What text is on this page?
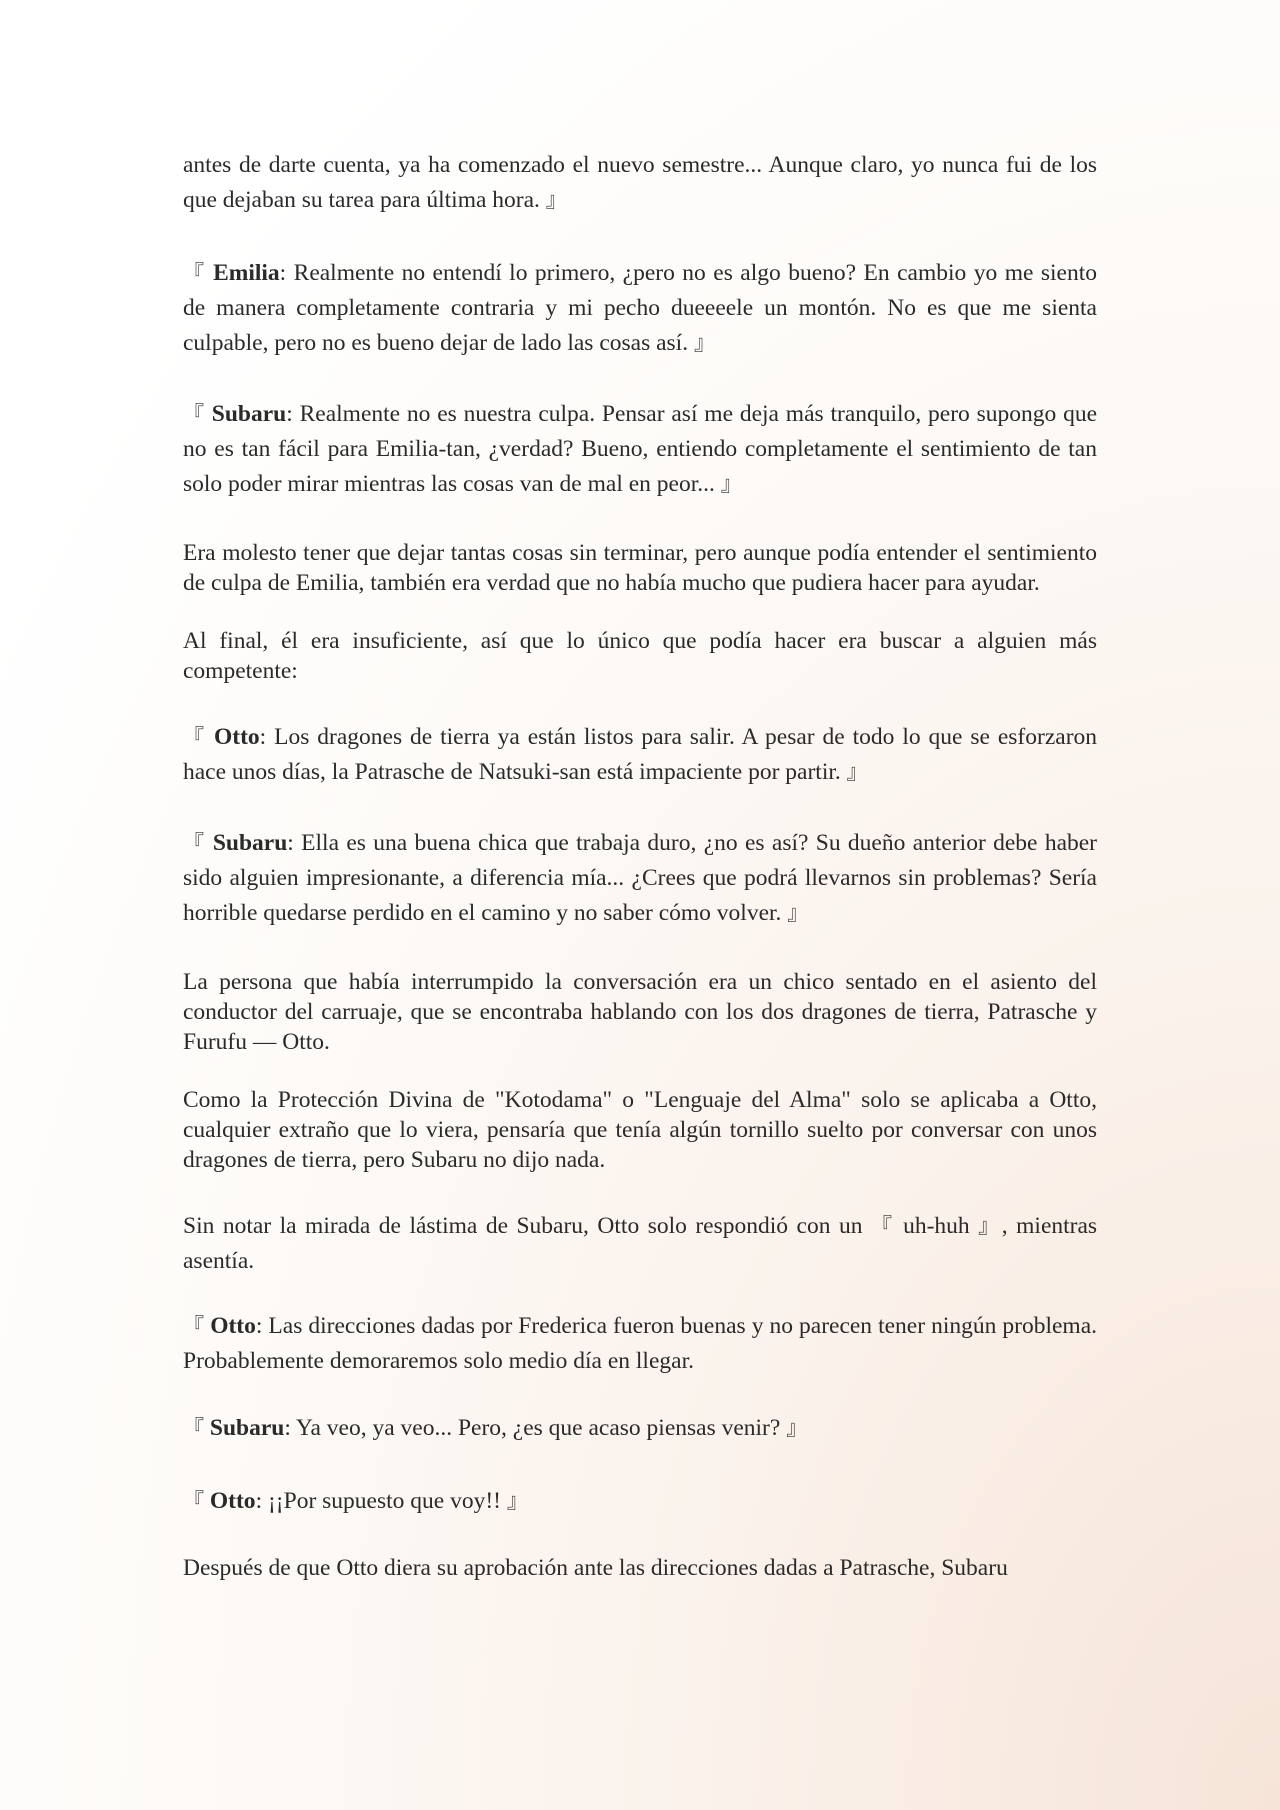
antes de darte cuenta, ya ha comenzado el nuevo semestre... Aunque claro, yo nunca fui de los que dejaban su tarea para última hora. 』

『 Emilia: Realmente no entendí lo primero, ¿pero no es algo bueno? En cambio yo me siento de manera completamente contraria y mi pecho dueeeele un montón. No es que me sienta culpable, pero no es bueno dejar de lado las cosas así. 』

『 Subaru: Realmente no es nuestra culpa. Pensar así me deja más tranquilo, pero supongo que no es tan fácil para Emilia-tan, ¿verdad? Bueno, entiendo completamente el sentimiento de tan solo poder mirar mientras las cosas van de mal en peor... 』

Era molesto tener que dejar tantas cosas sin terminar, pero aunque podía entender el sentimiento de culpa de Emilia, también era verdad que no había mucho que pudiera hacer para ayudar.

Al final, él era insuficiente, así que lo único que podía hacer era buscar a alguien más competente:

『 Otto: Los dragones de tierra ya están listos para salir. A pesar de todo lo que se esforzaron hace unos días, la Patrasche de Natsuki-san está impaciente por partir. 』

『 Subaru: Ella es una buena chica que trabaja duro, ¿no es así? Su dueño anterior debe haber sido alguien impresionante, a diferencia mía... ¿Crees que podrá llevarnos sin problemas? Sería horrible quedarse perdido en el camino y no saber cómo volver. 』

La persona que había interrumpido la conversación era un chico sentado en el asiento del conductor del carruaje, que se encontraba hablando con los dos dragones de tierra, Patrasche y Furufu — Otto.

Como la Protección Divina de "Kotodama" o "Lenguaje del Alma" solo se aplicaba a Otto, cualquier extraño que lo viera, pensaría que tenía algún tornillo suelto por conversar con unos dragones de tierra, pero Subaru no dijo nada.

Sin notar la mirada de lástima de Subaru, Otto solo respondió con un 『 uh-huh 』, mientras asentía.

『 Otto: Las direcciones dadas por Frederica fueron buenas y no parecen tener ningún problema. Probablemente demoraremos solo medio día en llegar.

『 Subaru: Ya veo, ya veo... Pero, ¿es que acaso piensas venir? 』

『 Otto: ¡¡Por supuesto que voy!! 』

Después de que Otto diera su aprobación ante las direcciones dadas a Patrasche, Subaru
